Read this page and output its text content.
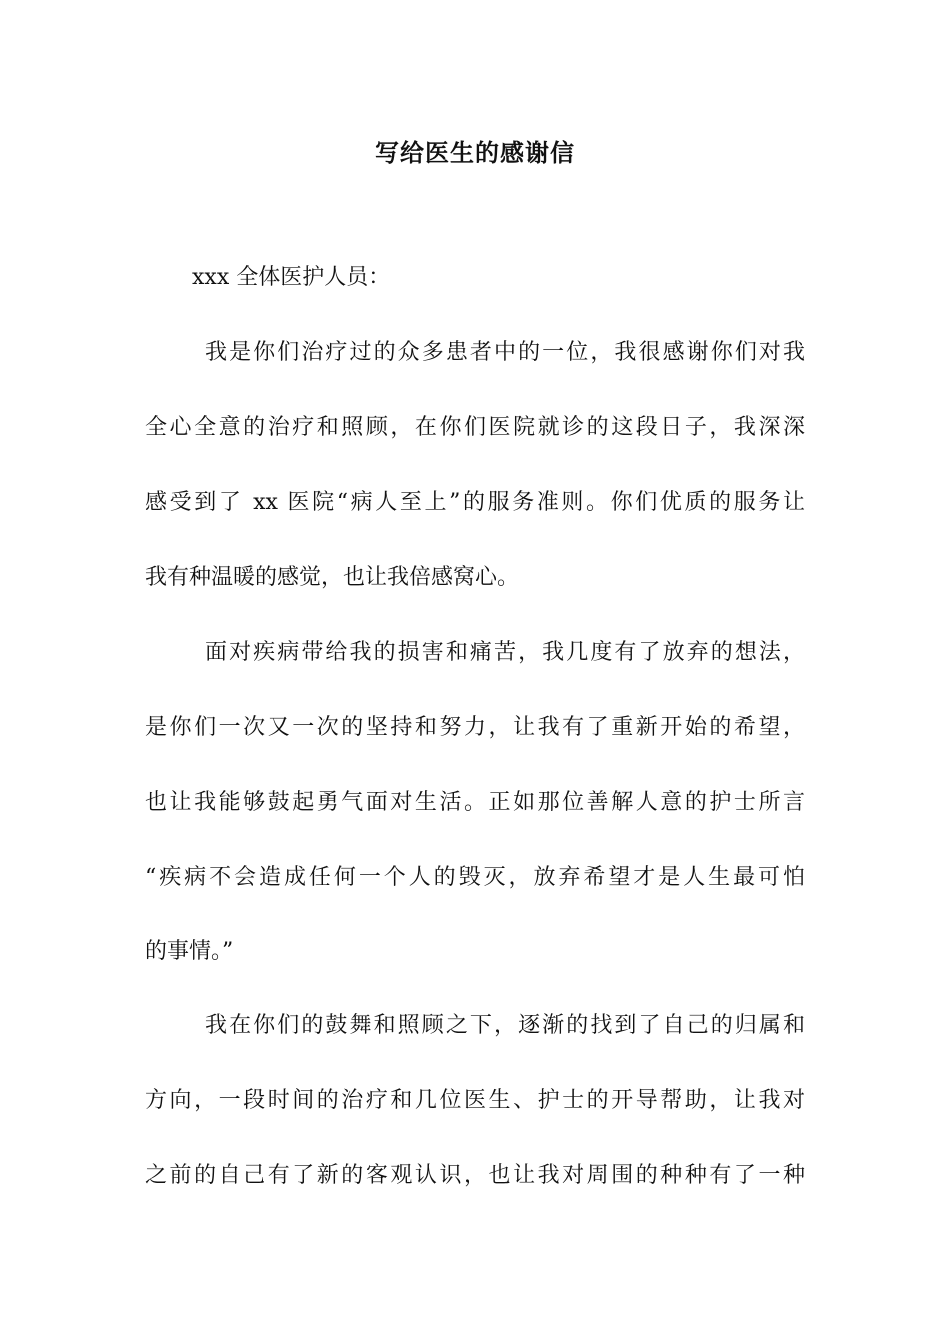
写给医生的感谢信
xxx 全体医护人员：
我是你们治疗过的众多患者中的一位，我很感谢你们对我
全心全意的治疗和照顾，在你们医院就诊的这段日子，我深深
感受到了 xx 医院“病人至上”的服务准则。你们优质的服务让
我有种温暖的感觉，也让我倍感窝心。
面对疾病带给我的损害和痛苦，我几度有了放弃的想法，
是你们一次又一次的坚持和努力，让我有了重新开始的希望，
也让我能够鼓起勇气面对生活。正如那位善解人意的护士所言
“疾病不会造成任何一个人的毁灭，放弃希望才是人生最可怕
的事情。”
我在你们的鼓舞和照顾之下，逐渐的找到了自己的归属和
方向，一段时间的治疗和几位医生、护士的开导帮助，让我对
之前的自己有了新的客观认识，也让我对周围的种种有了一种
